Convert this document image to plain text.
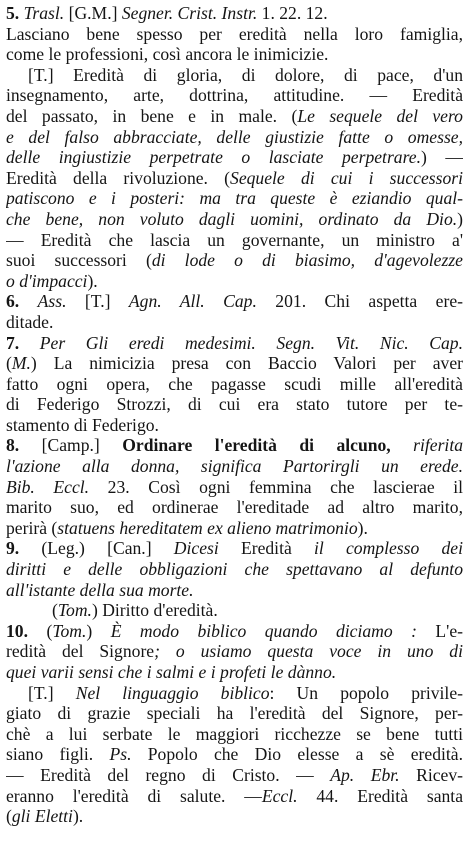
5. Trasl. [G.M.] Segner. Crist. Instr. 1. 22. 12.
Lasciano bene spesso per eredità nella loro famiglia,
come le professioni, così ancora le inimicizie.
[T.] Eredità di gloria, di dolore, di pace, d'un
insegnamento, arte, dottrina, attitudine. — Eredità
del passato, in bene e in male. (Le sequele del vero
e del falso abbracciate, delle giustizie fatte o omesse,
delle ingiustizie perpetrate o lasciate perpetrare.) —
Eredità della rivoluzione. (Sequele di cui i successori
patiscono e i posteri: ma tra queste è eziandio qual-
che bene, non voluto dagli uomini, ordinato da Dio.)
— Eredità che lascia un governante, un ministro a'
suoi successori (di lode o di biasimo, d'agevolezze
o d'impacci).
6. Ass. [T.] Agn. All. Cap. 201. Chi aspetta ere-
ditade.
7. Per Gli eredi medesimi. Segn. Vit. Nic. Cap.
(M.) La nimicizia presa con Baccio Valori per aver
fatto ogni opera, che pagasse scudi mille all'eredità
di Federigo Strozzi, di cui era stato tutore per te-
stamento di Federigo.
8. [Camp.] Ordinare l'eredità di alcuno, riferita
l'azione alla donna, significa Partorirgli un erede.
Bib. Eccl. 23. Così ogni femmina che lascierae il
marito suo, ed ordinerae l'ereditade ad altro marito,
perirà (statuens hereditatem ex alieno matrimonio).
9. (Leg.) [Can.] Dicesi Eredità il complesso dei
diritti e delle obbligazioni che spettavano al defunto
all'istante della sua morte.
(Tom.) Diritto d'eredità.
10. (Tom.) È modo biblico quando diciamo : L'e-
redità del Signore; o usiamo questa voce in uno di
quei varii sensi che i salmi e i profeti le dànno.
[T.] Nel linguaggio biblico: Un popolo privile-
giato di grazie speciali ha l'eredità del Signore, per-
chè a lui serbate le maggiori ricchezze se bene tutti
siano figli. Ps. Popolo che Dio elesse a sè eredità.
— Eredità del regno di Cristo. — Ap. Ebr. Ricev-
eranno l'eredità di salute. —Eccl. 44. Eredità santa
(gli Eletti).
